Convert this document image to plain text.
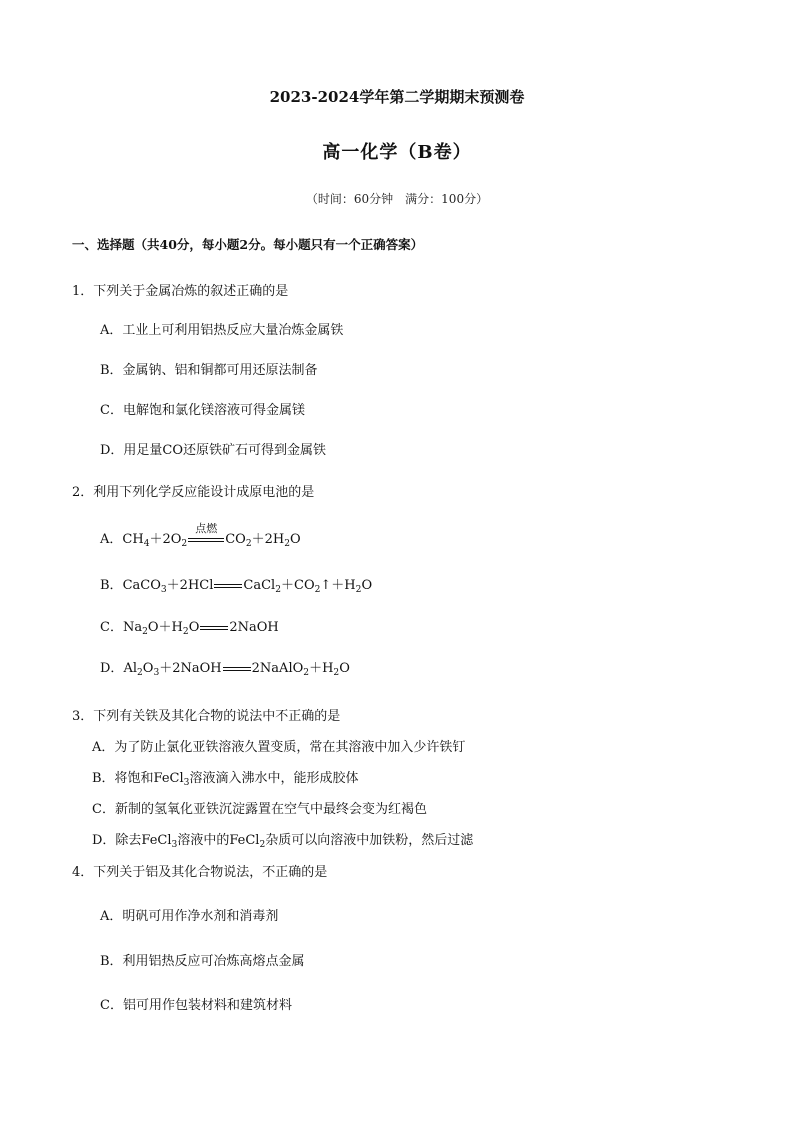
2023-2024学年第二学期期末预测卷
高一化学（B卷）
（时间：60分钟　满分：100分）
一、选择题（共40分，每小题2分。每小题只有一个正确答案）
1．下列关于金属冶炼的叙述正确的是
A．工业上可利用铝热反应大量冶炼金属铁
B．金属钠、铝和铜都可用还原法制备
C．电解饱和氯化镁溶液可得金属镁
D．用足量CO还原铁矿石可得到金属铁
2．利用下列化学反应能设计成原电池的是
A．$CH_4+2O_2$
点燃
$CO_2+2H_2O$
B．CaCO$_3$＋2HCl $CaCl_2+CO_2↑+H_2O$
C．$Na_2O+H_2O$ 2NaOH
D．$Al_2O_3+2NaOH$ $2NaAlO_2+H_2O$
3．下列有关铁及其化合物的说法中不正确的是
A．为了防止氯化亚铁溶液久置变质，常在其溶液中加入少许铁钉
B．将饱和FeCl$_3$溶液滴入沸水中，能形成胶体
C．新制的氢氧化亚铁沉淀露置在空气中最终会变为红褐色
D．除去FeCl$_3$溶液中的FeCl$_2$杂质可以向溶液中加铁粉，然后过滤
4．下列关于铝及其化合物说法，不正确的是
A．明矾可用作净水剂和消毒剂
B．利用铝热反应可冶炼高熔点金属
C．铝可用作包装材料和建筑材料
